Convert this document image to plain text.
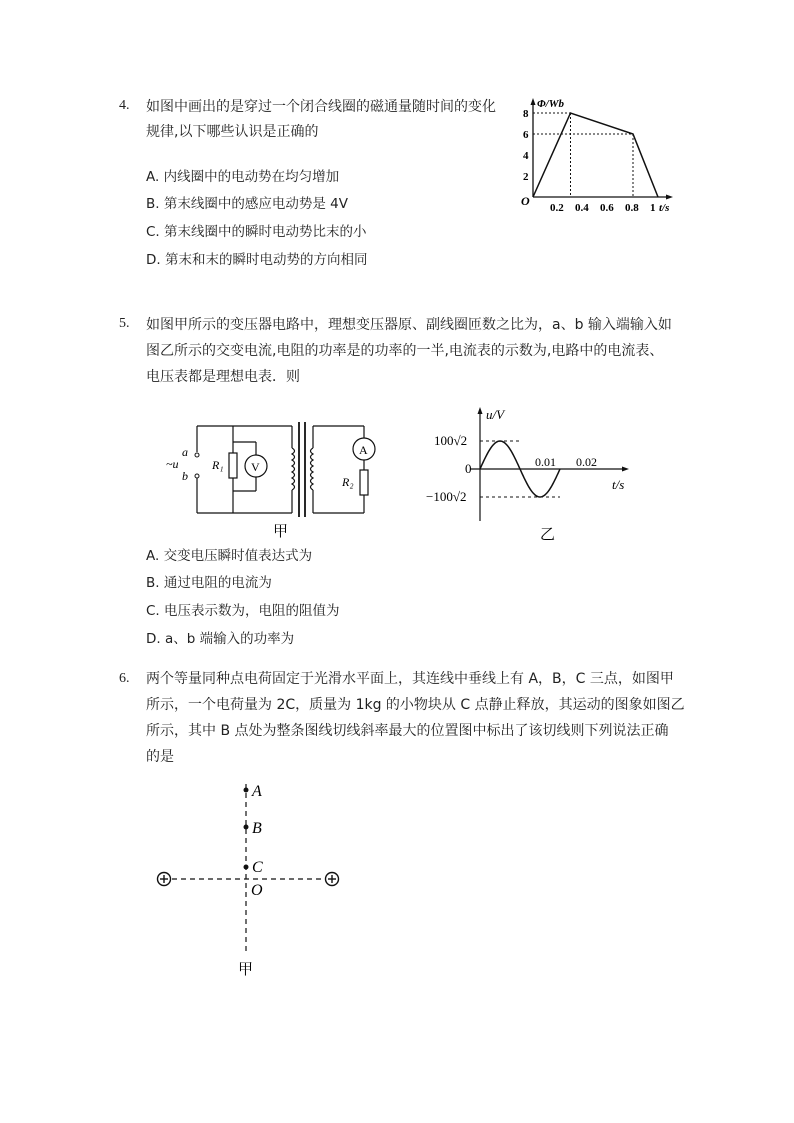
4. 如图中画出的是穿过一个闭合线圈的磁通量随时间的变化
规律,以下哪些认识是正确的
A. 内线圈中的电动势在均匀增加
B. 第末线圈中的感应电动势是 4V
C. 第末线圈中的瞬时电动势比末的小
D. 第末和末的瞬时电动势的方向相同
Φ/Wb
t/s
O
2
4
6
8
0.2 0.4 0.6 0.8 1
5. 如图甲所示的变压器电路中，理想变压器原、副线圈匝数之比为，a、b 输入端输入如
图乙所示的交变电流,电阻的功率是的功率的一半,电流表的示数为,电路中的电流表、
电压表都是理想电表．则
a
~u
b
R₁ V
A
R₂
甲
u/V
t/s
100√2
−100√2
0	0.01 0.02
乙
A. 交变电压瞬时值表达式为
B. 通过电阻的电流为
C. 电压表示数为，电阻的阻值为
D. a、b 端输入的功率为
6. 两个等量同种点电荷固定于光滑水平面上，其连线中垂线上有 A，B，C 三点，如图甲
所示，一个电荷量为 2C，质量为 1kg 的小物块从 C 点静止释放，其运动的图象如图乙
所示，其中 B 点处为整条图线切线斜率最大的位置图中标出了该切线则下列说法正确
的是
A
B
C
O
甲
